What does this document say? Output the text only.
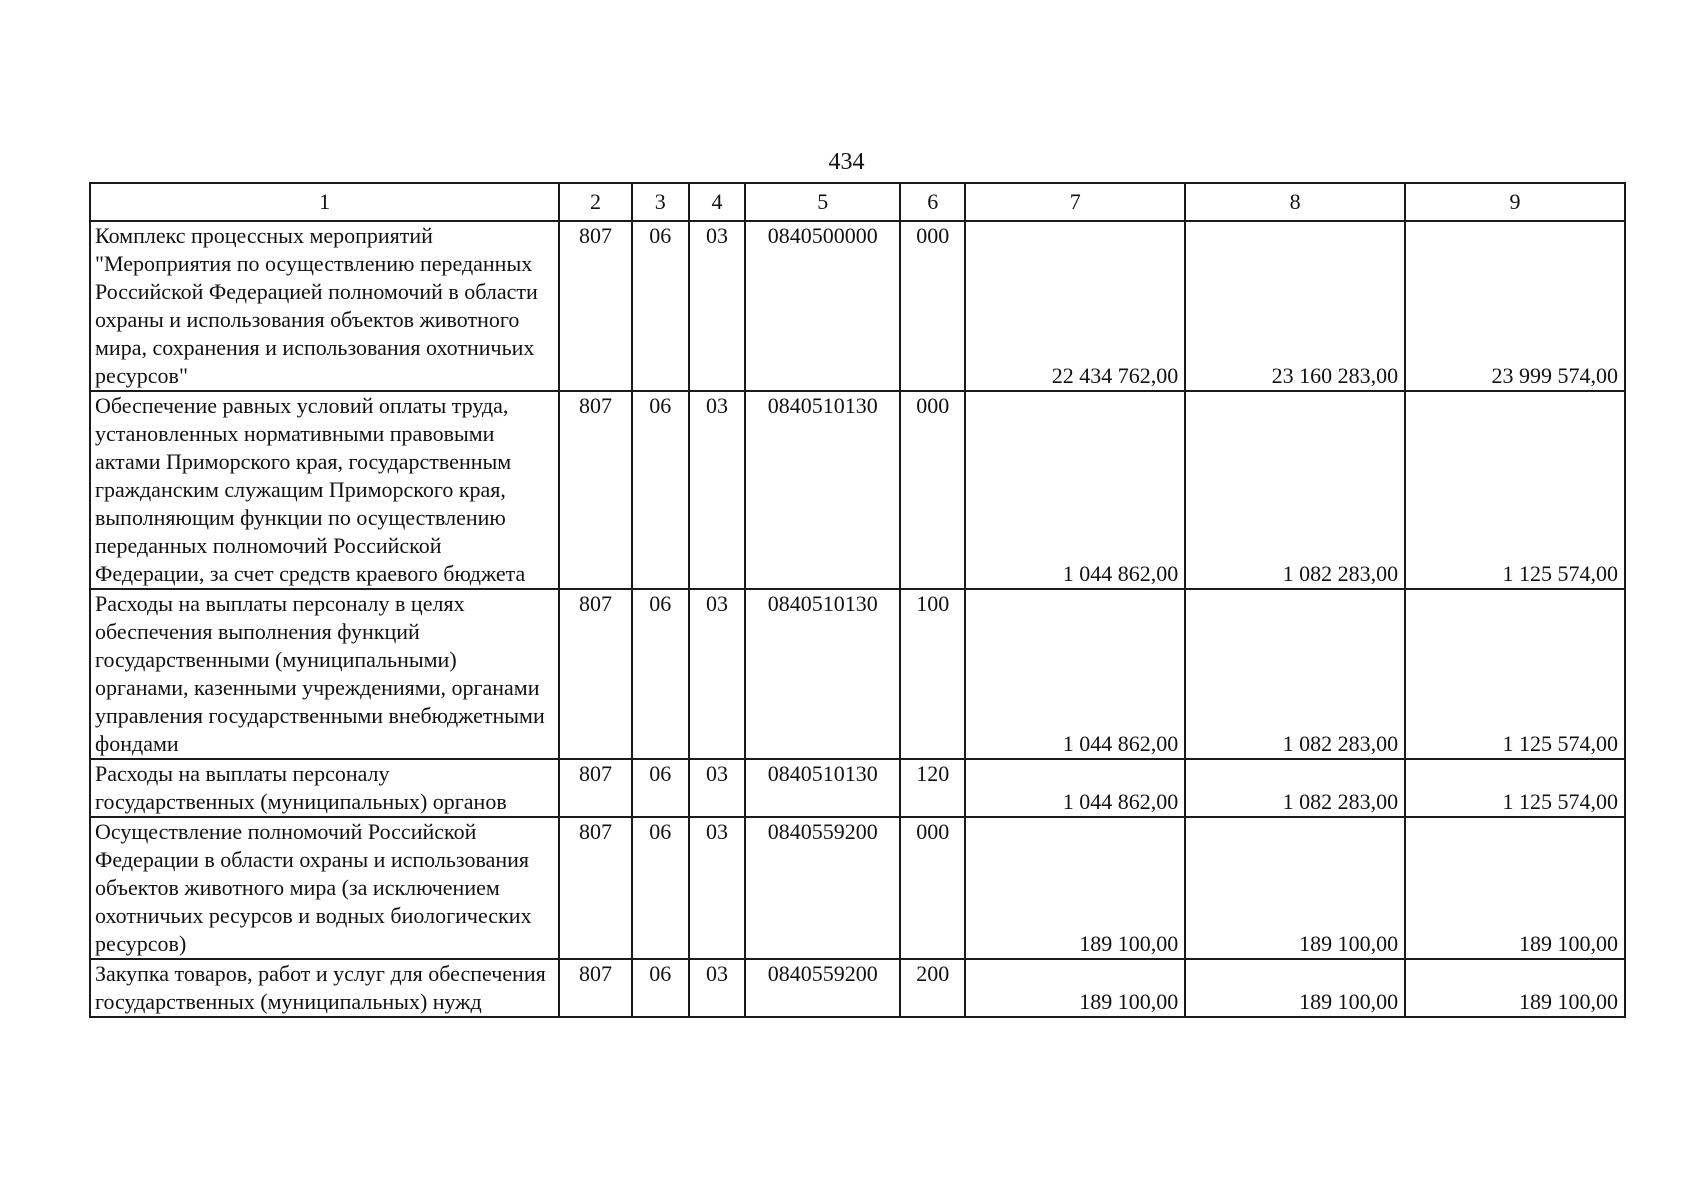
434
1	2	3	4	5	6	7	8	9
Комплекс процессных мероприятий "Мероприятия по осуществлению переданных Российской Федерацией полномочий в области охраны и использования объектов животного мира, сохранения и использования охотничьих ресурсов"	807	06	03	0840500000	000	22 434 762,00	23 160 283,00	23 999 574,00
Обеспечение равных условий оплаты труда, установленных нормативными правовыми актами Приморского края, государственным гражданским служащим Приморского края, выполняющим функции по осуществлению переданных полномочий Российской Федерации, за счет средств краевого бюджета	807	06	03	0840510130	000	1 044 862,00	1 082 283,00	1 125 574,00
Расходы на выплаты персоналу в целях обеспечения выполнения функций государственными (муниципальными) органами, казенными учреждениями, органами управления государственными внебюджетными фондами	807	06	03	0840510130	100	1 044 862,00	1 082 283,00	1 125 574,00
Расходы на выплаты персоналу государственных (муниципальных) органов	807	06	03	0840510130	120	1 044 862,00	1 082 283,00	1 125 574,00
Осуществление полномочий Российской Федерации в области охраны и использования объектов животного мира (за исключением охотничьих ресурсов и водных биологических ресурсов)	807	06	03	0840559200	000	189 100,00	189 100,00	189 100,00
Закупка товаров, работ и услуг для обеспечения государственных (муниципальных) нужд	807	06	03	0840559200	200	189 100,00	189 100,00	189 100,00
